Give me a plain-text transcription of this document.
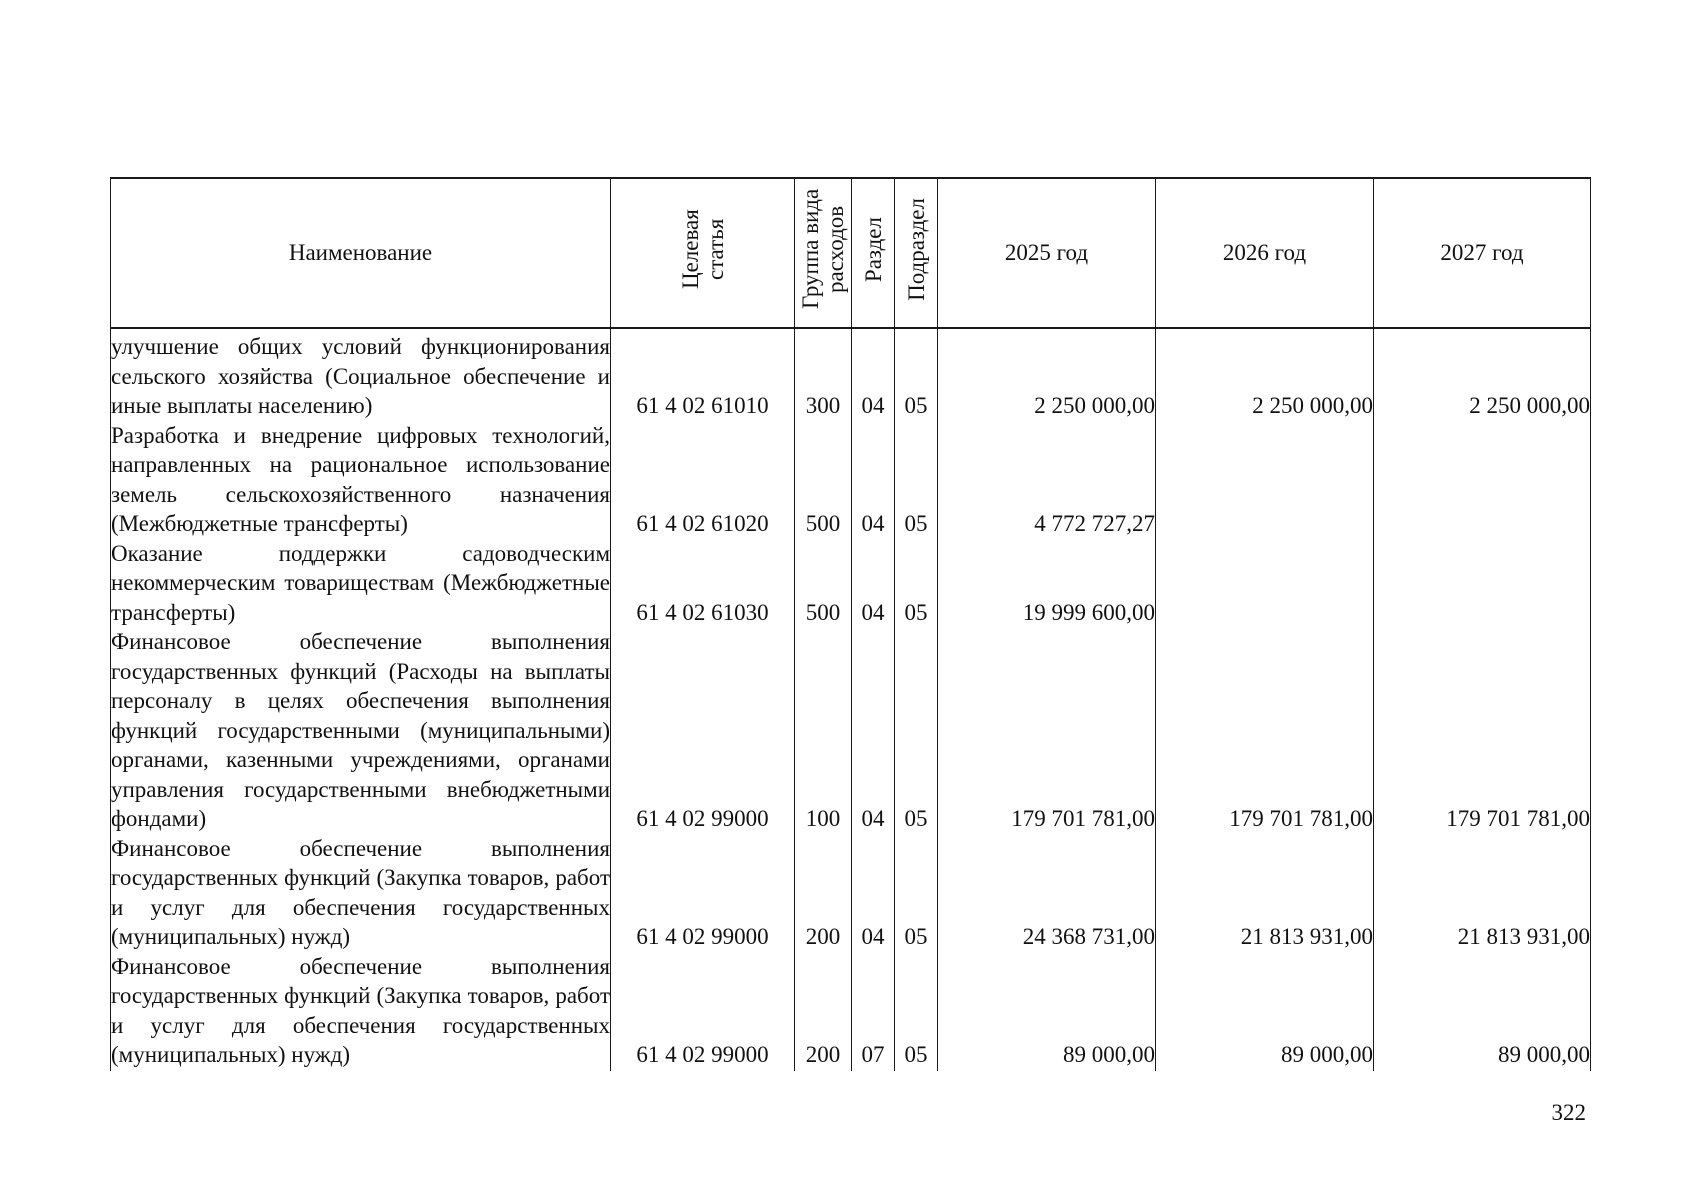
Наименование	Целевая статья	Группа вида расходов	Раздел	Подраздел	2025 год	2026 год	2027 год
улучшение общих условий функционирования сельского хозяйства (Социальное обеспечение и иные выплаты населению)	61 4 02 61010	300	04	05	2 250 000,00	2 250 000,00	2 250 000,00
Разработка и внедрение цифровых технологий, направленных на рациональное использование земель сельскохозяйственного назначения (Межбюджетные трансферты)	61 4 02 61020	500	04	05	4 772 727,27		
Оказание поддержки садоводческим некоммерческим товариществам (Межбюджетные трансферты)	61 4 02 61030	500	04	05	19 999 600,00		
Финансовое обеспечение выполнения государственных функций (Расходы на выплаты персоналу в целях обеспечения выполнения функций государственными (муниципальными) органами, казенными учреждениями, органами управления государственными внебюджетными фондами)	61 4 02 99000	100	04	05	179 701 781,00	179 701 781,00	179 701 781,00
Финансовое обеспечение выполнения государственных функций (Закупка товаров, работ и услуг для обеспечения государственных (муниципальных) нужд)	61 4 02 99000	200	04	05	24 368 731,00	21 813 931,00	21 813 931,00
Финансовое обеспечение выполнения государственных функций (Закупка товаров, работ и услуг для обеспечения государственных (муниципальных) нужд)	61 4 02 99000	200	07	05	89 000,00	89 000,00	89 000,00
322
